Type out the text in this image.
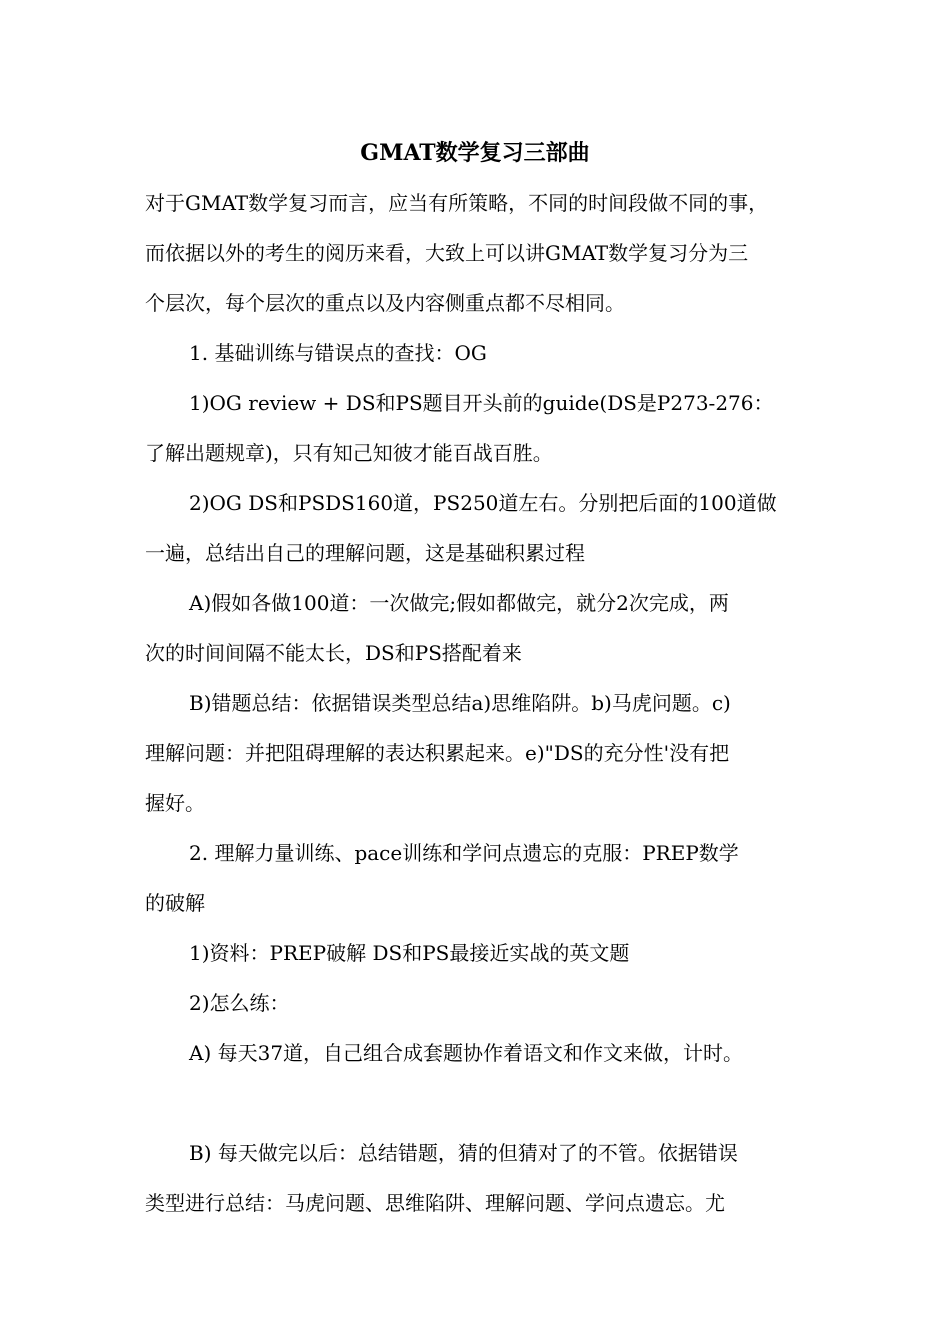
GMAT数学复习三部曲

对于GMAT数学复习而言，应当有所策略，不同的时间段做不同的事，

而依据以外的考生的阅历来看，大致上可以讲GMAT数学复习分为三

个层次，每个层次的重点以及内容侧重点都不尽相同。

1. 基础训练与错误点的查找：OG

1)OG review + DS和PS题目开头前的guide(DS是P273-276：

了解出题规章)，只有知己知彼才能百战百胜。

2)OG DS和PSDS160道，PS250道左右。分别把后面的100道做

一遍，总结出自己的理解问题，这是基础积累过程

A)假如各做100道：一次做完;假如都做完，就分2次完成，两

次的时间间隔不能太长，DS和PS搭配着来

B)错题总结：依据错误类型总结a)思维陷阱。b)马虎问题。c)

理解问题：并把阻碍理解的表达积累起来。e)"DS的充分性'没有把

握好。

2. 理解力量训练、pace训练和学问点遗忘的克服：PREP数学

的破解

1)资料：PREP破解 DS和PS最接近实战的英文题

2)怎么练：

A) 每天37道，自己组合成套题协作着语文和作文来做，计时。

B) 每天做完以后：总结错题，猜的但猜对了的不管。依据错误

类型进行总结：马虎问题、思维陷阱、理解问题、学问点遗忘。尤
